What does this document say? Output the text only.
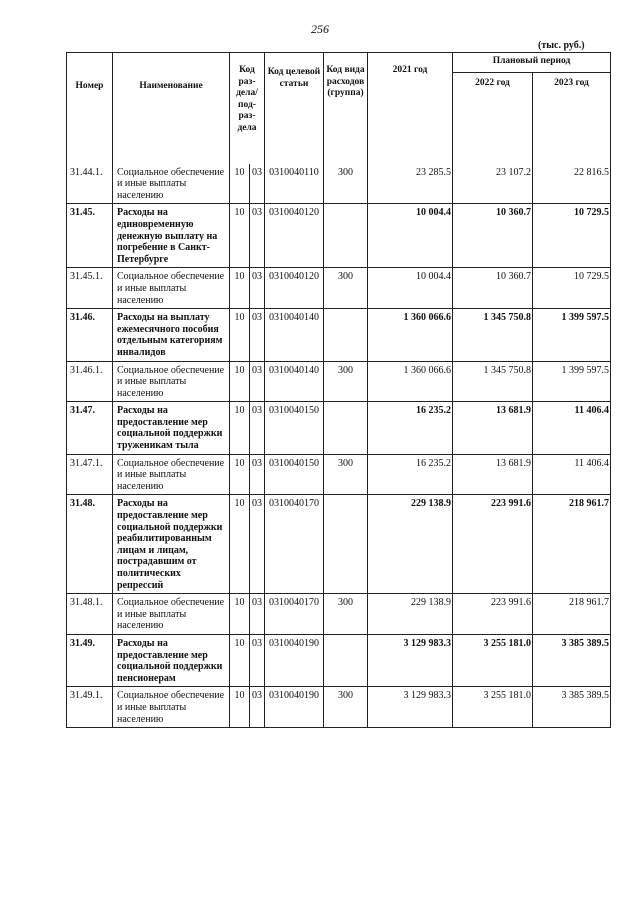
256
(тыс. руб.)
Номер	Наименование	Код раз- дела/ под- раз- дела		Код целевой статьи	Код вида расходов (группа)	2021 год	Плановый период	
							2022 год	2023 год
31.44.1.	Социальное обеспечение и иные выплаты населению	10	03	0310040110	300	23 285.5	23 107.2	22 816.5
31.45.	Расходы на единовременную денежную выплату на погребение в Санкт-Петербурге	10	03	0310040120		10 004.4	10 360.7	10 729.5
31.45.1.	Социальное обеспечение и иные выплаты населению	10	03	0310040120	300	10 004.4	10 360.7	10 729.5
31.46.	Расходы на выплату ежемесячного пособия отдельным категориям инвалидов	10	03	0310040140		1 360 066.6	1 345 750.8	1 399 597.5
31.46.1.	Социальное обеспечение и иные выплаты населению	10	03	0310040140	300	1 360 066.6	1 345 750.8	1 399 597.5
31.47.	Расходы на предоставление мер социальной поддержки труженикам тыла	10	03	0310040150		16 235.2	13 681.9	11 406.4
31.47.1.	Социальное обеспечение и иные выплаты населению	10	03	0310040150	300	16 235.2	13 681.9	11 406.4
31.48.	Расходы на предоставление мер социальной поддержки реабилитированным лицам и лицам, пострадавшим от политических репрессий	10	03	0310040170		229 138.9	223 991.6	218 961.7
31.48.1.	Социальное обеспечение и иные выплаты населению	10	03	0310040170	300	229 138.9	223 991.6	218 961.7
31.49.	Расходы на предоставление мер социальной поддержки пенсионерам	10	03	0310040190		3 129 983.3	3 255 181.0	3 385 389.5
31.49.1.	Социальное обеспечение и иные выплаты населению	10	03	0310040190	300	3 129 983.3	3 255 181.0	3 385 389.5
